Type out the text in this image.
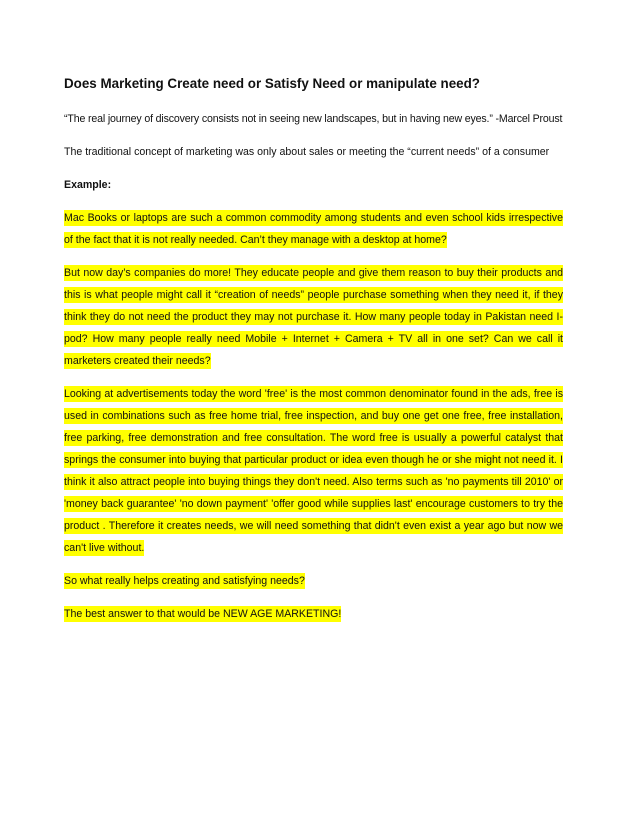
Does Marketing Create need or Satisfy Need or manipulate need?

“The real journey of discovery consists not in seeing new landscapes, but in having new eyes.” -Marcel Proust

The traditional concept of marketing was only about sales or meeting the “current needs” of a consumer

Example:

Mac Books or laptops are such a common commodity among students and even school kids irrespective of the fact that it is not really needed. Can’t they manage with a desktop at home?

But now day’s companies do more! They educate people and give them reason to buy their products and this is what people might call it “creation of needs” people purchase something when they need it, if they think they do not need the product they may not purchase it. How many people today in Pakistan need I-pod? How many people really need Mobile + Internet + Camera + TV all in one set? Can we call it marketers created their needs?

Looking at advertisements today the word 'free' is the most common denominator found in the ads, free is used in combinations such as free home trial, free inspection, and buy one get one free, free installation, free parking, free demonstration and free consultation. The word free is usually a powerful catalyst that springs the consumer into buying that particular product or idea even though he or she might not need it. I think it also attract people into buying things they don't need. Also terms such as 'no payments till 2010' or 'money back guarantee' 'no down payment' 'offer good while supplies last' encourage customers to try the product . Therefore it creates needs, we will need something that didn't even exist a year ago but now we can't live without.

So what really helps creating and satisfying needs?

The best answer to that would be NEW AGE MARKETING!
